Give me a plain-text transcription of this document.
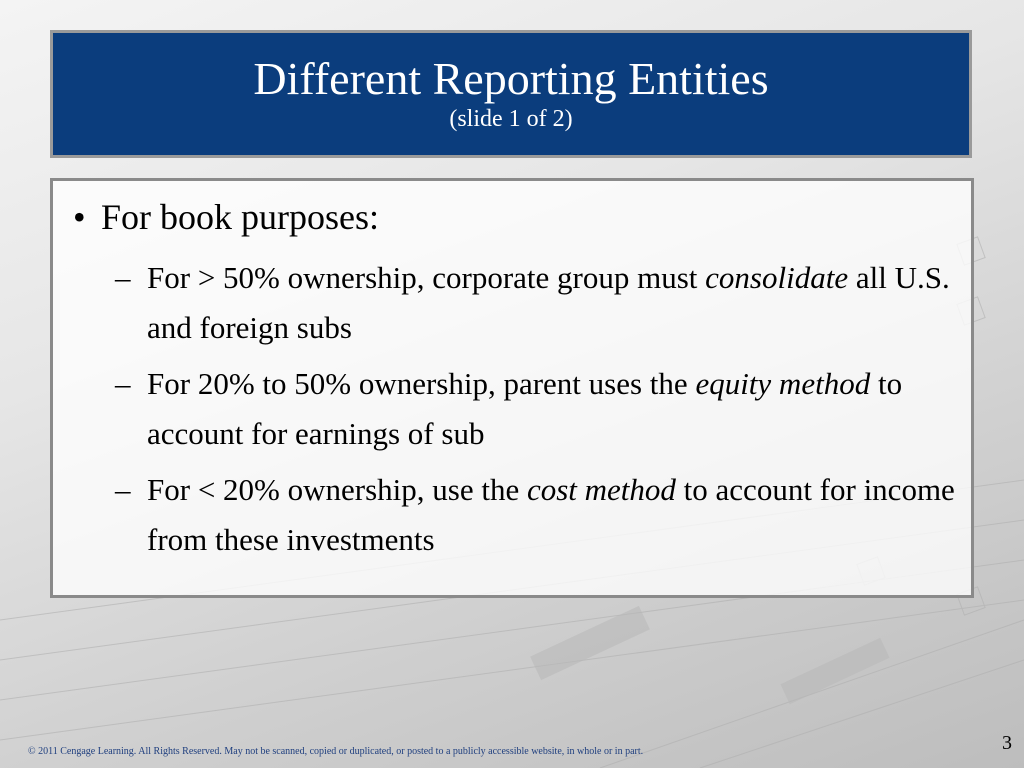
Different Reporting Entities
(slide 1 of 2)
• For book purposes:
– For > 50% ownership, corporate group must consolidate all U.S. and foreign subs

– For 20% to 50% ownership, parent uses the equity method to account for earnings of sub

– For < 20% ownership, use the cost method to account for income from these investments

© 2011 Cengage Learning. All Rights Reserved. May not be scanned, copied or duplicated, or posted to a publicly accessible website, in whole or in part.	3
